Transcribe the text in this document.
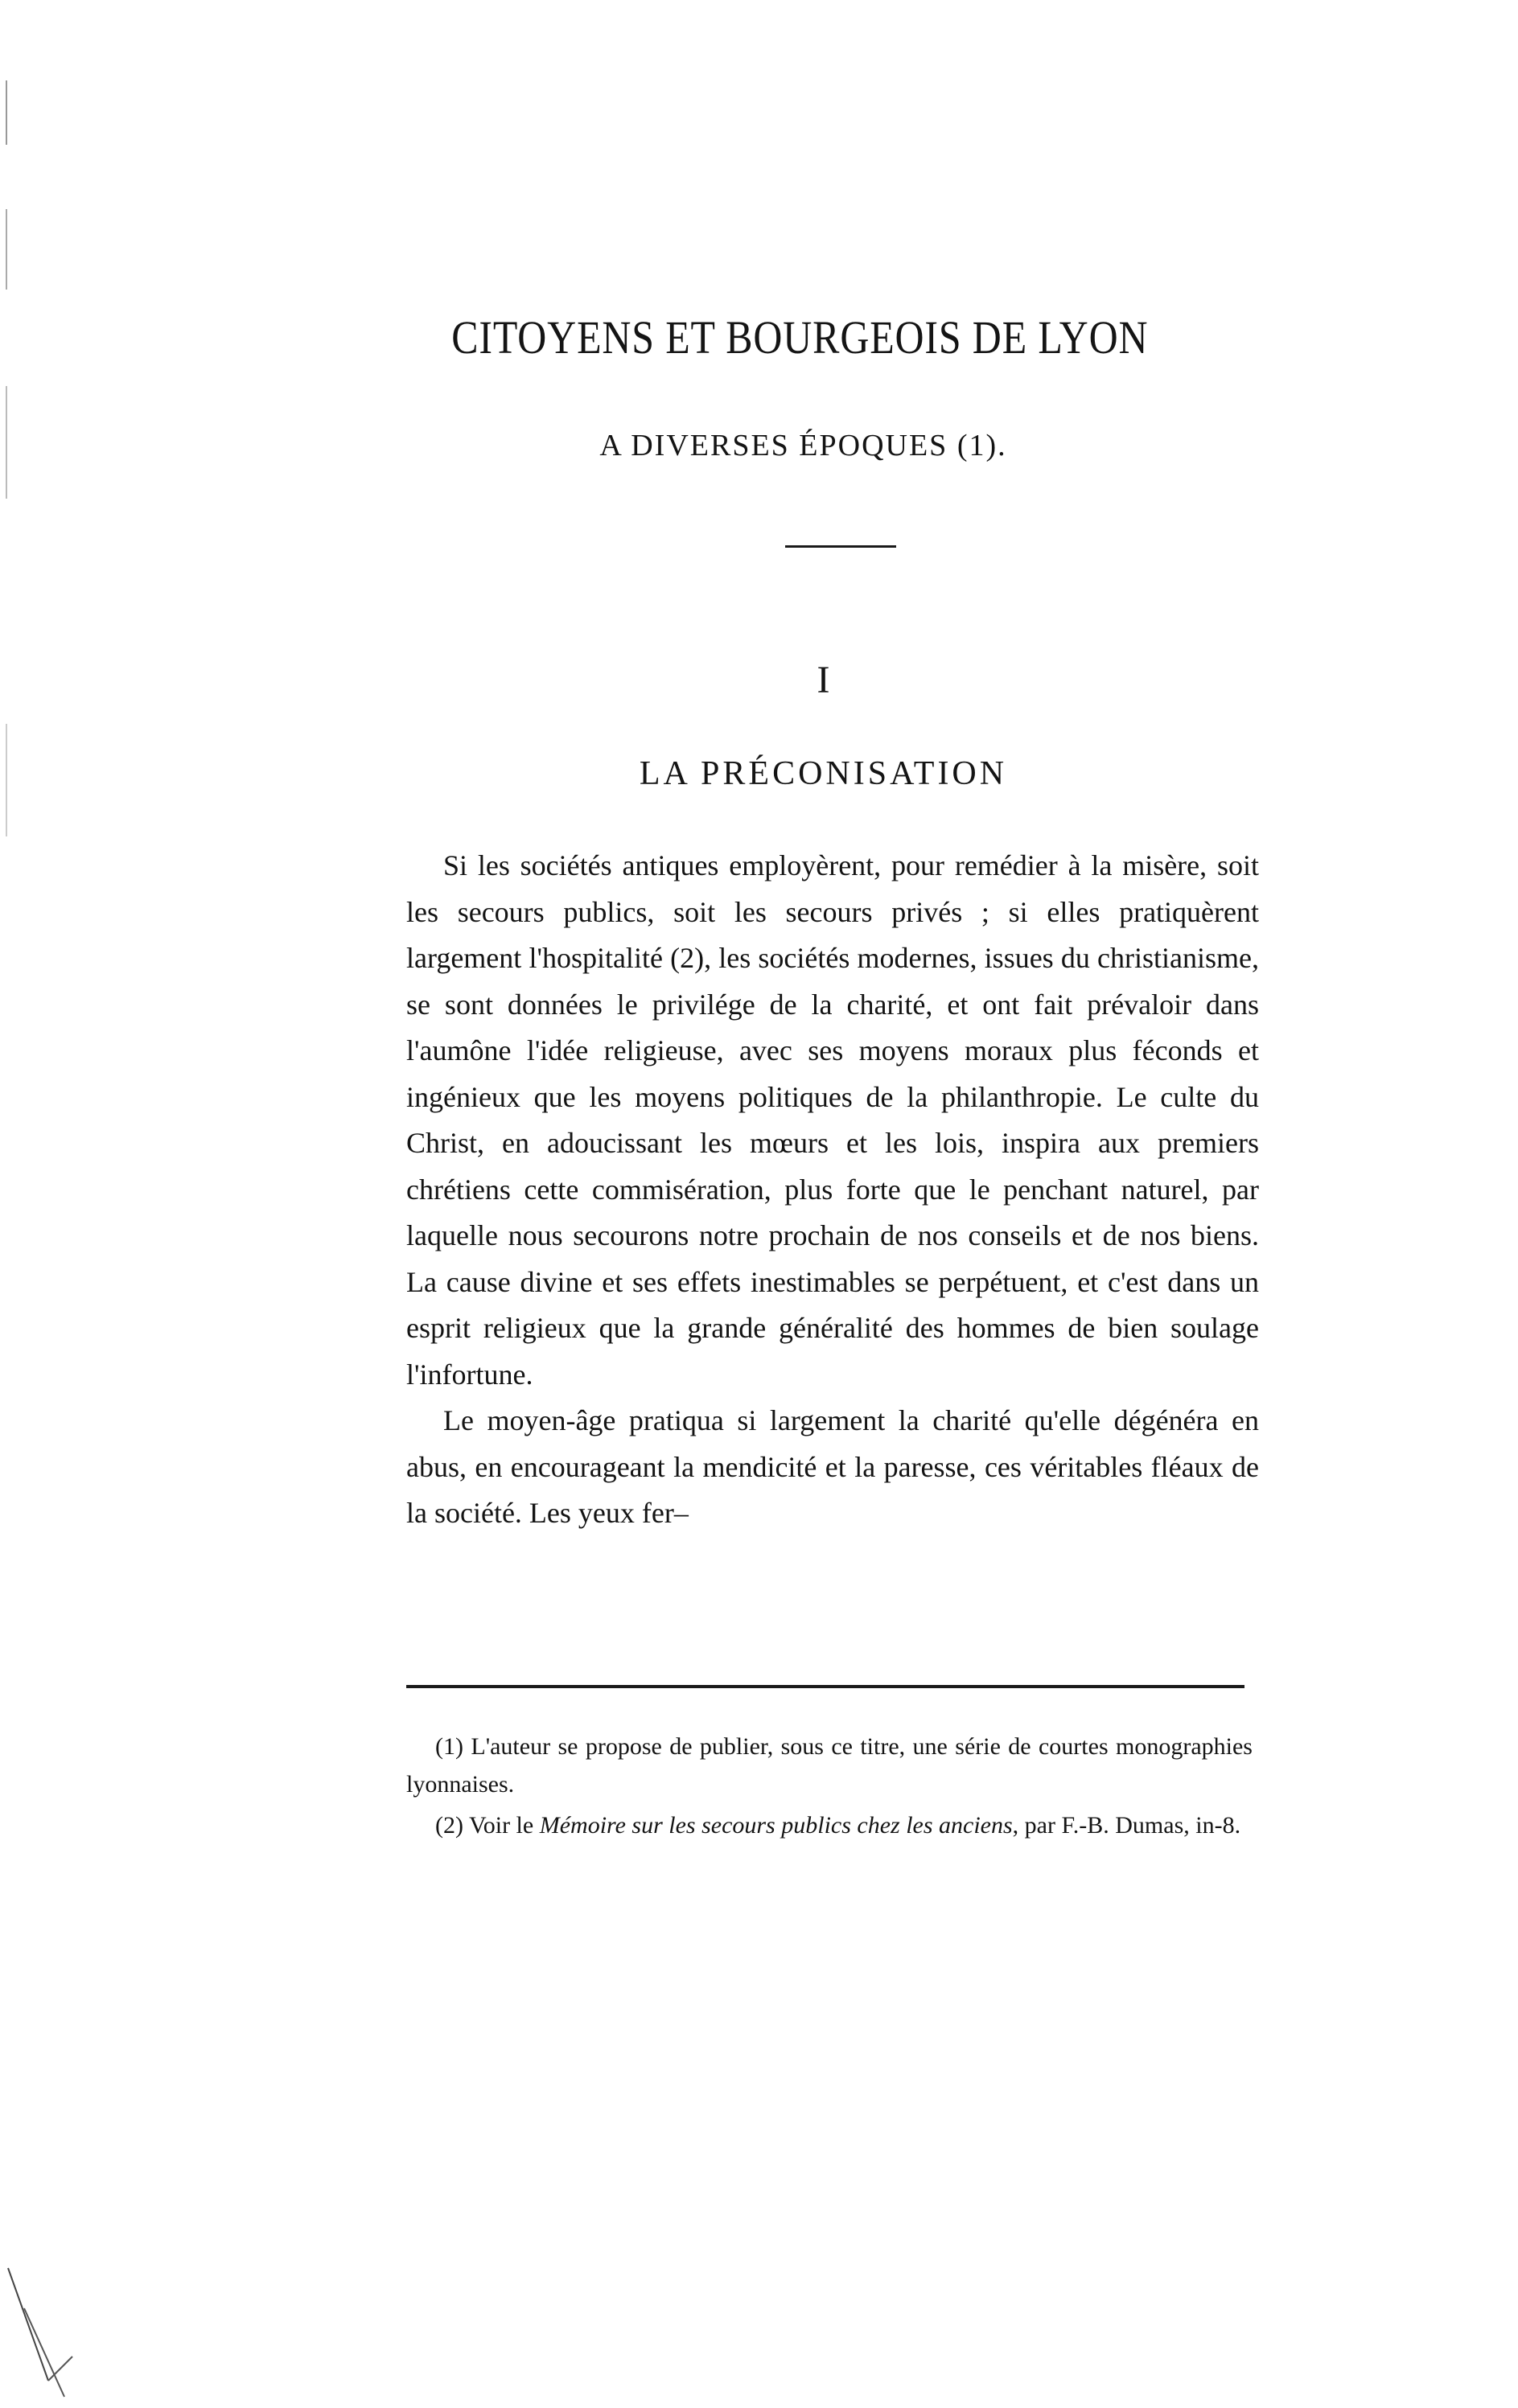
CITOYENS ET BOURGEOIS DE LYON
A DIVERSES ÉPOQUES (1).
I
LA PRÉCONISATION

Si les sociétés antiques employèrent, pour remédier à la misère, soit les secours publics, soit les secours privés ; si elles pratiquèrent largement l'hospitalité (2), les sociétés modernes, issues du christianisme, se sont données le privilége de la charité, et ont fait prévaloir dans l'aumône l'idée religieuse, avec ses moyens moraux plus féconds et ingénieux que les moyens politiques de la philanthropie. Le culte du Christ, en adoucissant les mœurs et les lois, inspira aux premiers chrétiens cette commisération, plus forte que le penchant naturel, par laquelle nous secourons notre prochain de nos conseils et de nos biens. La cause divine et ses effets inestimables se perpétuent, et c'est dans un esprit religieux que la grande généralité des hommes de bien soulage l'infortune.

Le moyen-âge pratiqua si largement la charité qu'elle dégénéra en abus, en encourageant la mendicité et la paresse, ces véritables fléaux de la société. Les yeux fer–

(1) L'auteur se propose de publier, sous ce titre, une série de courtes monographies lyonnaises.

(2) Voir le Mémoire sur les secours publics chez les anciens, par F.-B. Dumas, in-8.
